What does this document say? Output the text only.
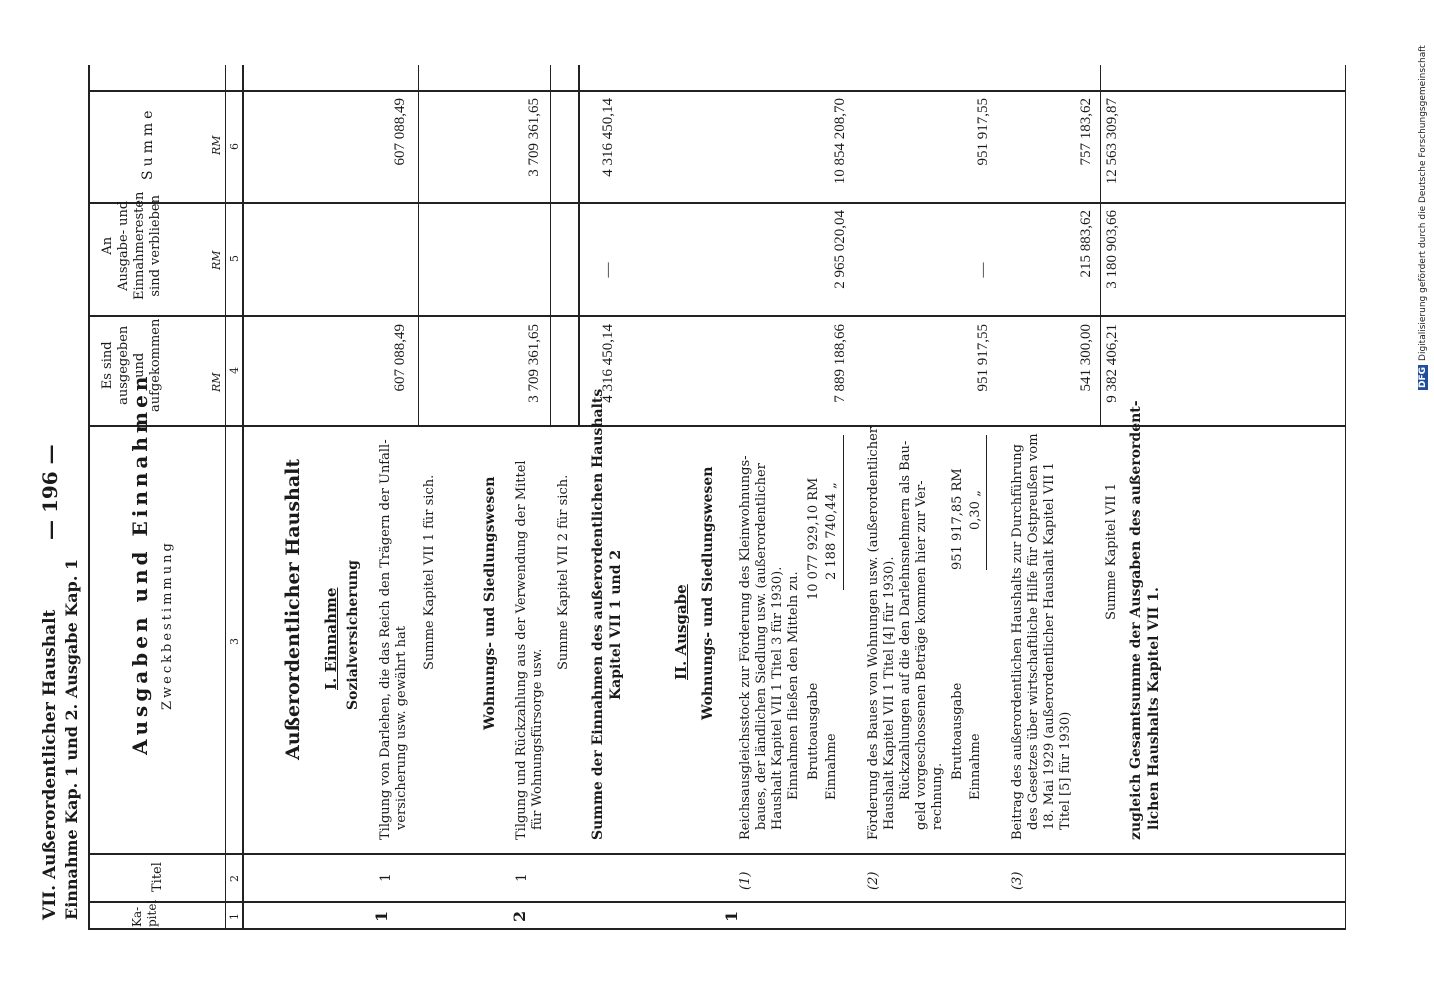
VII. Außerordentlicher Haushalt Einnahme Kap. 1 und 2. Ausgabe Kap. 1
— 196 —
Ka-
pitel
Titel
Ausgaben und Einnahmen Zweckbestimmung
Es sind
ausgegeben
und
aufgekommen
An
Ausgabe- und
Einnahmeresten
sind verblieben
Summe
RM
RM
RM
1
2
3
4
5
6
Außerordentlicher Haushalt I. Einnahme Sozialversicherung
1
1
Tilgung von Darlehen, die das Reich den Trägern der Unfall- versicherung usw. gewährt hat
607 088,49
Summe Kapitel VII 1 für sich.
607 088,49
Wohnungs- und Siedlungswesen
2
1
Tilgung und Rückzahlung aus der Verwendung der Mittel für Wohnungsfürsorge usw.
3 709 361,65
Summe Kapitel VII 2 für sich.
3 709 361,65
Summe der Einnahmen des außerordentlichen Haushalts Kapitel VII 1 und 2
4 316 450,14
—
4 316 450,14
II. Ausgabe Wohnungs- und Siedlungswesen
1
(1)
Reichsausgleichsstock zur Förderung des Kleinwohnungs- baues, der ländlichen Siedlung usw. (außerordentlicher Haushalt Kapitel VII 1 Titel 3 für 1930). Einnahmen fließen den Mitteln zu. Bruttoausgabe
10 077 929,10 RM
Einnahme
2 188 740,44 „
7 889 188,66
2 965 020,04
10 854 208,70
(2)
Förderung des Baues von Wohnungen usw. (außerordentlicher Haushalt Kapitel VII 1 Titel [4] für 1930). Rückzahlungen auf die den Darlehnsnehmern als Bau- geld vorgeschossenen Beträge kommen hier zur Ver- rechnung.
Bruttoausgabe
951 917,85 RM
Einnahme
0,30 „
951 917,55
—
951 917,55
(3)
Beitrag des außerordentlichen Haushalts zur Durchführung des Gesetzes über wirtschaftliche Hilfe für Ostpreußen vom 18. Mai 1929 (außerordentlicher Haushalt Kapitel VII 1 Titel [5] für 1930)
541 300,00
215 883,62
757 183,62
Summe Kapitel VII 1
9 382 406,21
3 180 903,66
12 563 309,87
zugleich Gesamtsumme der Ausgaben des außerordent- lichen Haushalts Kapitel VII 1.
DFGDigitalisierung gefördert durch die Deutsche Forschungsgemeinschaft
